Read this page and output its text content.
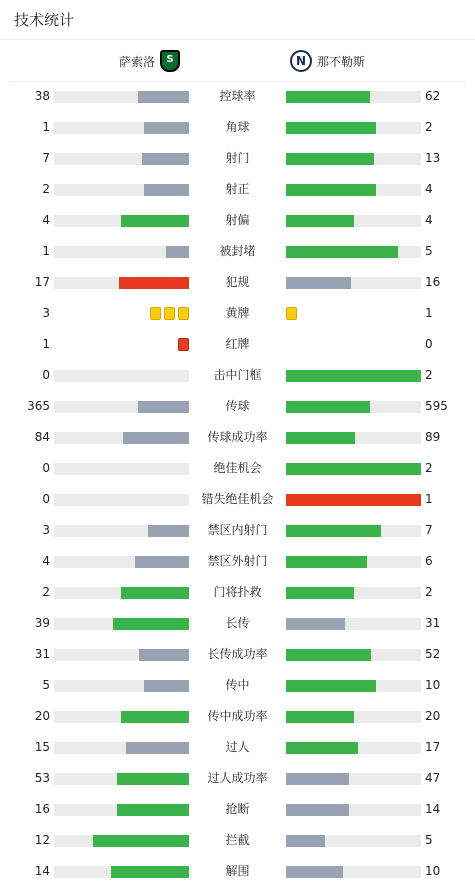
技术统计
萨索洛 S N	那不勒斯
38	控球率	62
1	角球	2
7	射门	13
2	射正	4
4	射偏	4
1	被封堵	5
17	犯规	16
3	黄牌	1
1	红牌	0
0	击中门框	2
365	传球	595
84	传球成功率	89
0	绝佳机会	2
0	错失绝佳机会	1
3	禁区内射门	7
4	禁区外射门	6
2	门将扑救	2
39	长传	31
31	长传成功率	52
5	传中	10
20	传中成功率	20
15	过人	17
53	过人成功率	47
16	抢断	14
12	拦截	5
14	解围	10
